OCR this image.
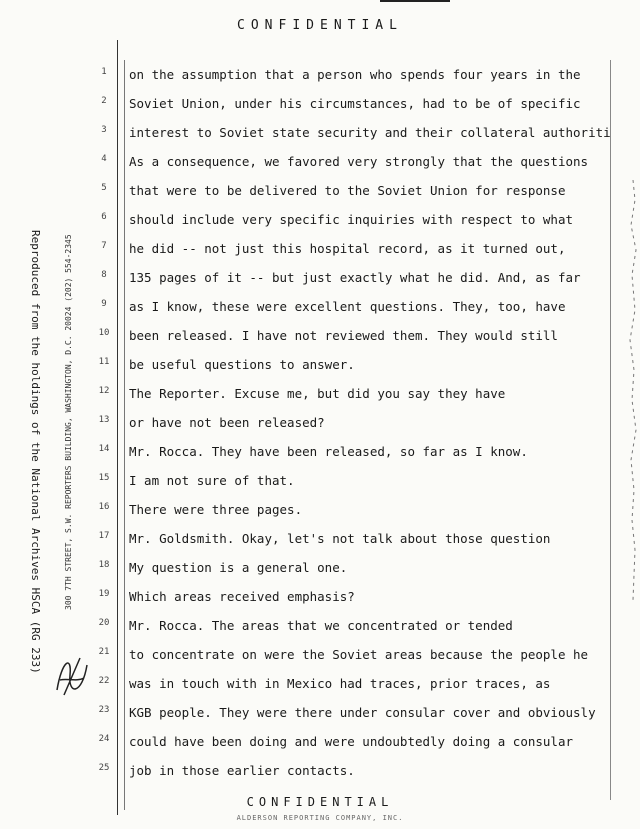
CONFIDENTIAL
Reproduced from the holdings of the National Archives HSCA (RG 233)	300 7TH STREET, S.W. REPORTERS BUILDING, WASHINGTON, D.C. 20024 (202) 554-2345
1
2
3
4
5
6
7
8
9
10
11
12
13
14
15
16
17
18
19
20
21
22
23
24
25
on the assumption that a person who spends four years in the
Soviet Union, under his circumstances, had to be of specific
interest to Soviet state security and their collateral authoriti
As a consequence, we favored very strongly that the questions
that were to be delivered to the Soviet Union for response
should include very specific inquiries with respect to what
he did -- not just this hospital record, as it turned out,
135 pages of it -- but just exactly what he did. And, as far
as I know, these were excellent questions. They, too, have
been released. I have not reviewed them. They would still
be useful questions to answer.
The Reporter. Excuse me, but did you say they have
or have not been released?
Mr. Rocca. They have been released, so far as I know.
I am not sure of that.
There were three pages.
Mr. Goldsmith. Okay, let's not talk about those question
My question is a general one.
Which areas received emphasis?
Mr. Rocca. The areas that we concentrated or tended
to concentrate on were the Soviet areas because the people he
was in touch with in Mexico had traces, prior traces, as
KGB people. They were there under consular cover and obviously
could have been doing and were undoubtedly doing a consular
job in those earlier contacts.
CONFIDENTIAL
ALDERSON REPORTING COMPANY, INC.
